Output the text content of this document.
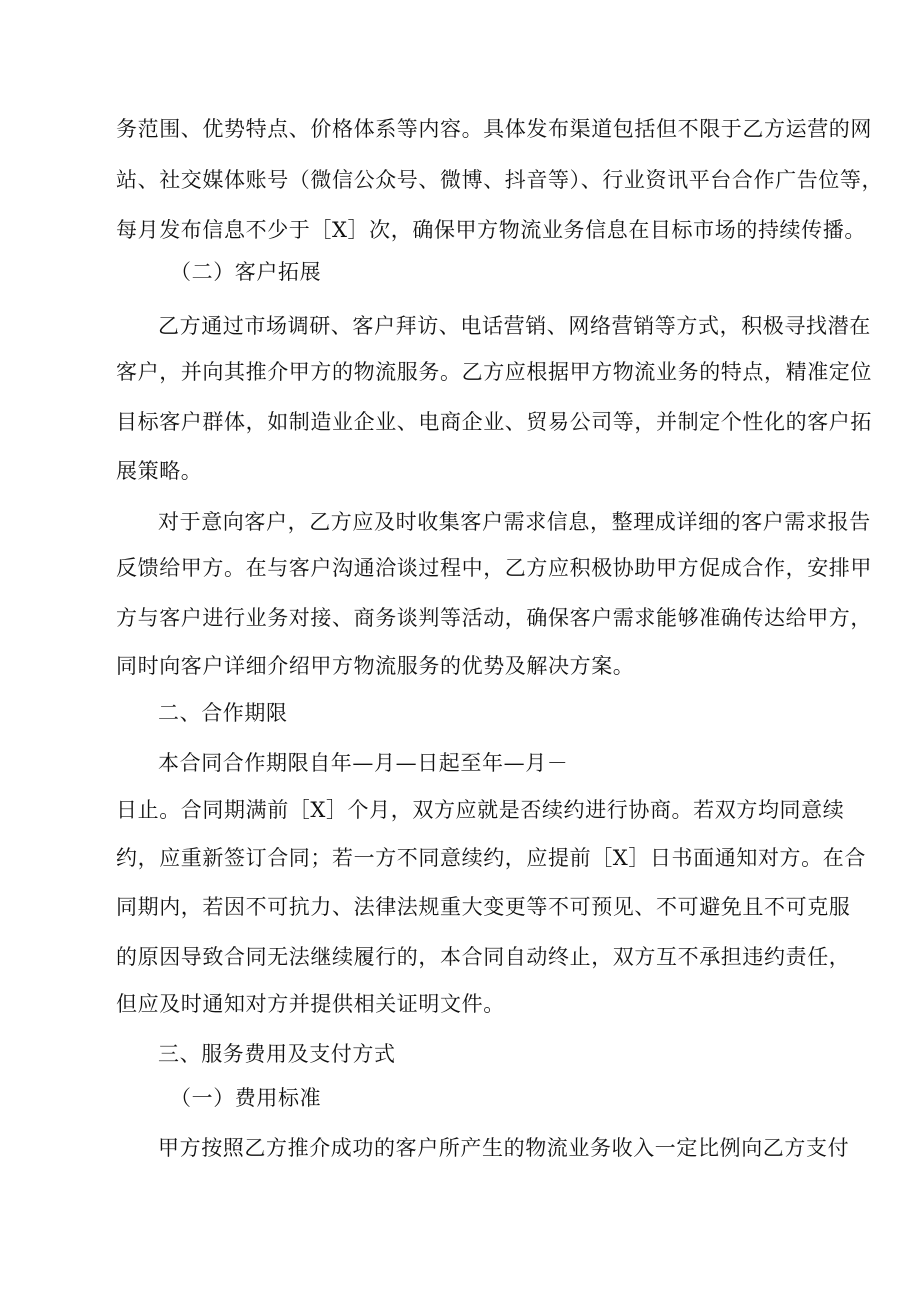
务范围、优势特点、价格体系等内容。具体发布渠道包括但不限于乙方运营的网
站、社交媒体账号（微信公众号、微博、抖音等）、行业资讯平台合作广告位等，
每月发布信息不少于［X］次，确保甲方物流业务信息在目标市场的持续传播。
（二）客户拓展
乙方通过市场调研、客户拜访、电话营销、网络营销等方式，积极寻找潜在
客户，并向其推介甲方的物流服务。乙方应根据甲方物流业务的特点，精准定位
目标客户群体，如制造业企业、电商企业、贸易公司等，并制定个性化的客户拓
展策略。
对于意向客户，乙方应及时收集客户需求信息，整理成详细的客户需求报告
反馈给甲方。在与客户沟通洽谈过程中，乙方应积极协助甲方促成合作，安排甲
方与客户进行业务对接、商务谈判等活动，确保客户需求能够准确传达给甲方，
同时向客户详细介绍甲方物流服务的优势及解决方案。
二、合作期限
本合同合作期限自年—月—日起至年—月－
日止。合同期满前［X］个月，双方应就是否续约进行协商。若双方均同意续
约，应重新签订合同；若一方不同意续约，应提前［X］日书面通知对方。在合
同期内，若因不可抗力、法律法规重大变更等不可预见、不可避免且不可克服
的原因导致合同无法继续履行的，本合同自动终止，双方互不承担违约责任，
但应及时通知对方并提供相关证明文件。
三、服务费用及支付方式
（一）费用标准
甲方按照乙方推介成功的客户所产生的物流业务收入一定比例向乙方支付
